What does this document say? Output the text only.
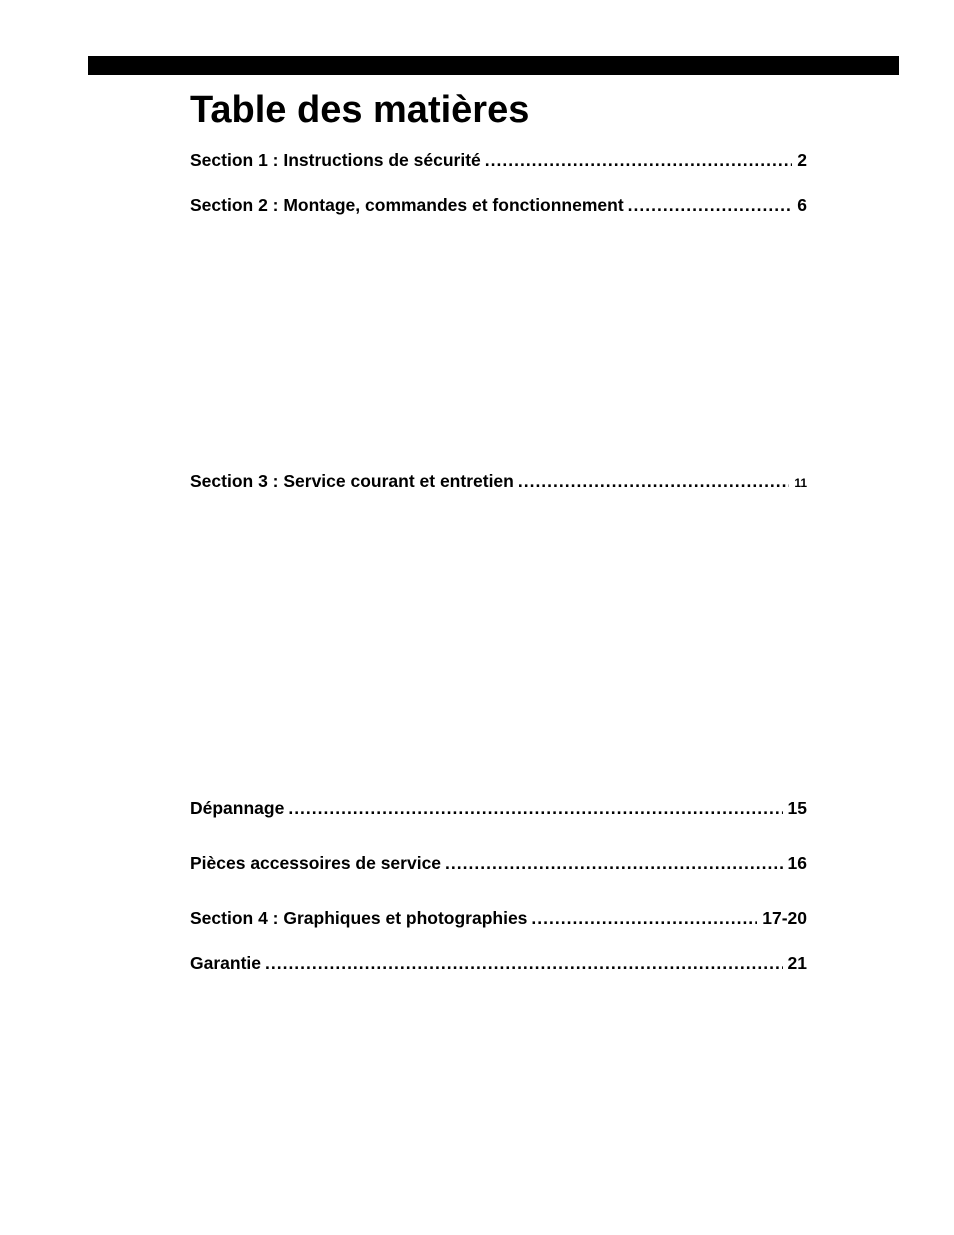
Table des matières
Section 1 : Instructions de sécurité .....	2
Section 2 : Montage, commandes et fonctionnement .....	6
Section 3 : Service courant et entretien .....	11
Dépannage .....	15
Pièces accessoires de service .....	16
Section 4 : Graphiques et photographies .....	17-20
Garantie .....	21
